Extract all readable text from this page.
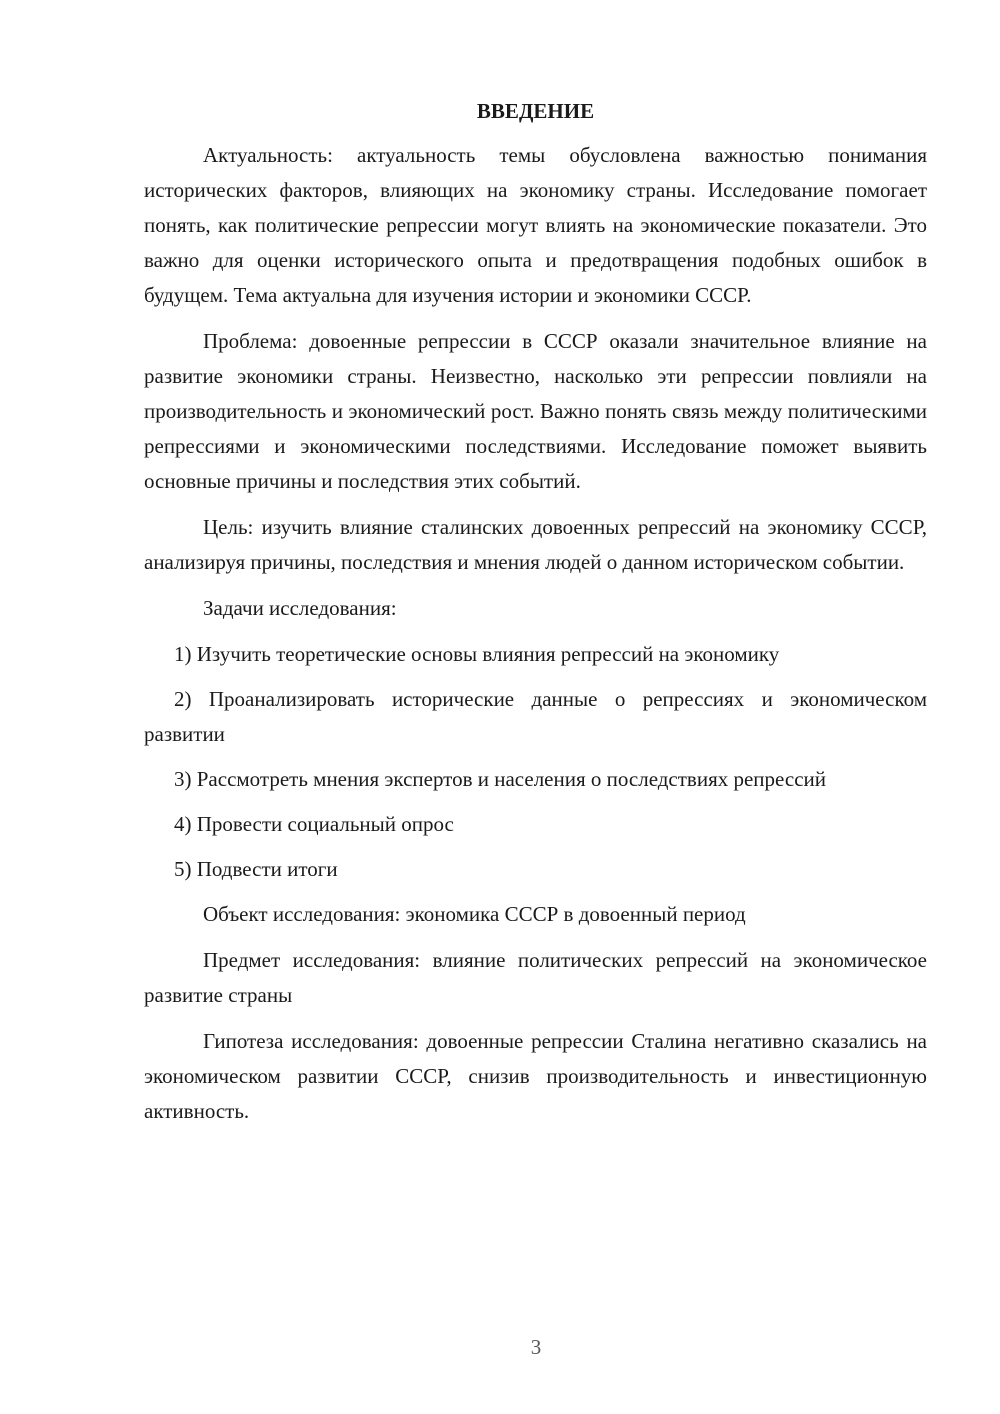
ВВЕДЕНИЕ

Актуальность: актуальность темы обусловлена важностью понимания исторических факторов, влияющих на экономику страны. Исследование помогает понять, как политические репрессии могут влиять на экономические показатели. Это важно для оценки исторического опыта и предотвращения подобных ошибок в будущем. Тема актуальна для изучения истории и экономики СССР.

Проблема: довоенные репрессии в СССР оказали значительное влияние на развитие экономики страны. Неизвестно, насколько эти репрессии повлияли на производительность и экономический рост. Важно понять связь между политическими репрессиями и экономическими последствиями. Исследование поможет выявить основные причины и последствия этих событий.

Цель: изучить влияние сталинских довоенных репрессий на экономику СССР, анализируя причины, последствия и мнения людей о данном историческом событии.

Задачи исследования:

1) Изучить теоретические основы влияния репрессий на экономику

2) Проанализировать исторические данные о репрессиях и экономическом развитии

3) Рассмотреть мнения экспертов и населения о последствиях репрессий

4) Провести социальный опрос

5) Подвести итоги

Объект исследования: экономика СССР в довоенный период

Предмет исследования: влияние политических репрессий на экономическое развитие страны

Гипотеза исследования: довоенные репрессии Сталина негативно сказались на экономическом развитии СССР, снизив производительность и инвестиционную активность.

3
